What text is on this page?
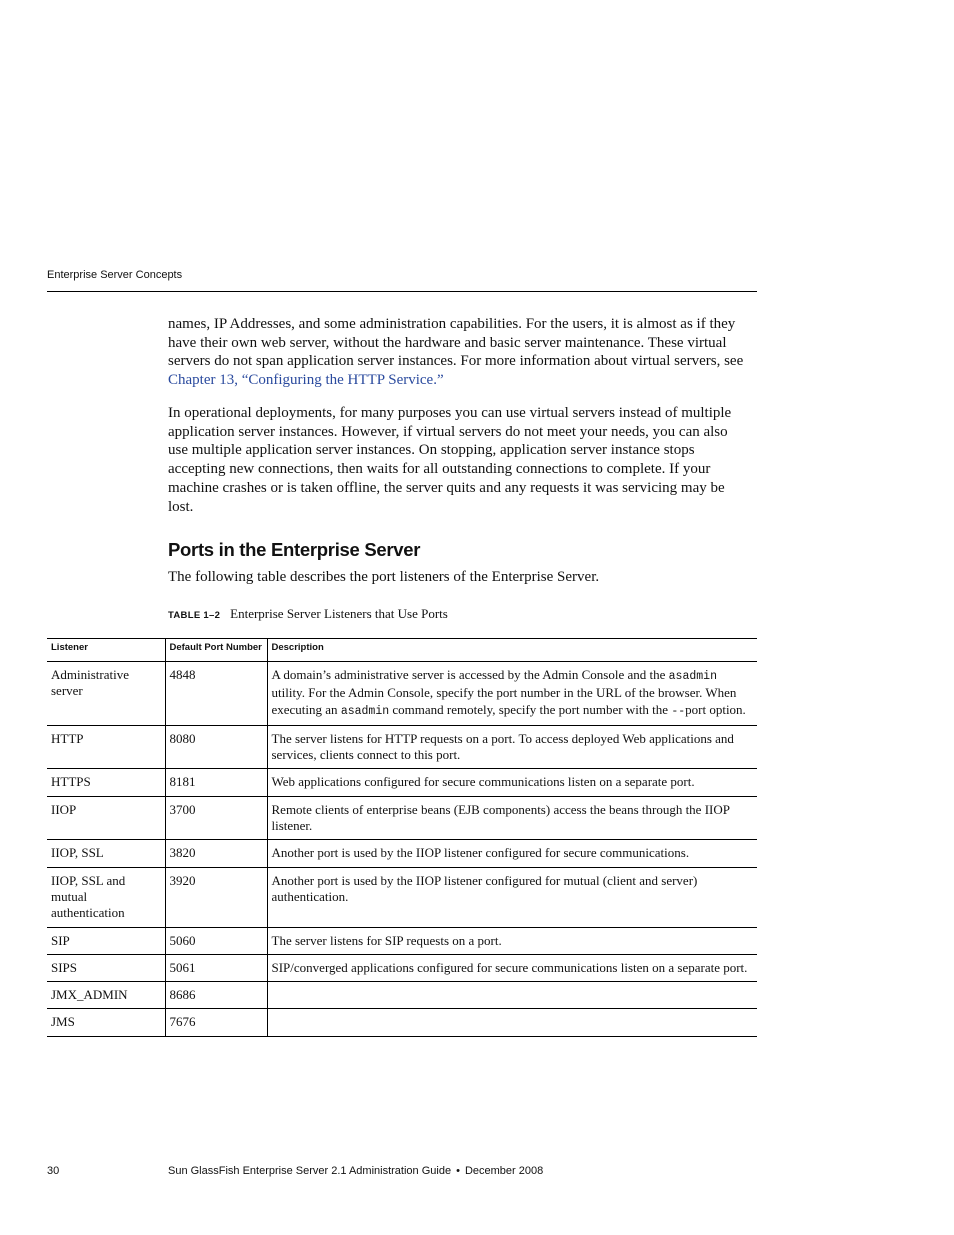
Enterprise Server Concepts

names, IP Addresses, and some administration capabilities. For the users, it is almost as if they have their own web server, without the hardware and basic server maintenance. These virtual servers do not span application server instances. For more information about virtual servers, see Chapter 13, “Configuring the HTTP Service.”

In operational deployments, for many purposes you can use virtual servers instead of multiple application server instances. However, if virtual servers do not meet your needs, you can also use multiple application server instances. On stopping, application server instance stops accepting new connections, then waits for all outstanding connections to complete. If your machine crashes or is taken offline, the server quits and any requests it was servicing may be lost.

Ports in the Enterprise Server

The following table describes the port listeners of the Enterprise Server.

TABLE 1–2 Enterprise Server Listeners that Use Ports
Listener	Default Port Number	Description
Administrative server	4848	A domain’s administrative server is accessed by the Admin Console and the asadmin utility. For the Admin Console, specify the port number in the URL of the browser. When executing an asadmin command remotely, specify the port number with the --port option.
HTTP	8080	The server listens for HTTP requests on a port. To access deployed Web applications and services, clients connect to this port.
HTTPS	8181	Web applications configured for secure communications listen on a separate port.
IIOP	3700	Remote clients of enterprise beans (EJB components) access the beans through the IIOP listener.
IIOP, SSL	3820	Another port is used by the IIOP listener configured for secure communications.
IIOP, SSL and mutual authentication	3920	Another port is used by the IIOP listener configured for mutual (client and server) authentication.
SIP	5060	The server listens for SIP requests on a port.
SIPS	5061	SIP/converged applications configured for secure communications listen on a separate port.
JMX_ADMIN	8686	
JMS	7676	
30	Sun GlassFish Enterprise Server 2.1 Administration Guide • December 2008
